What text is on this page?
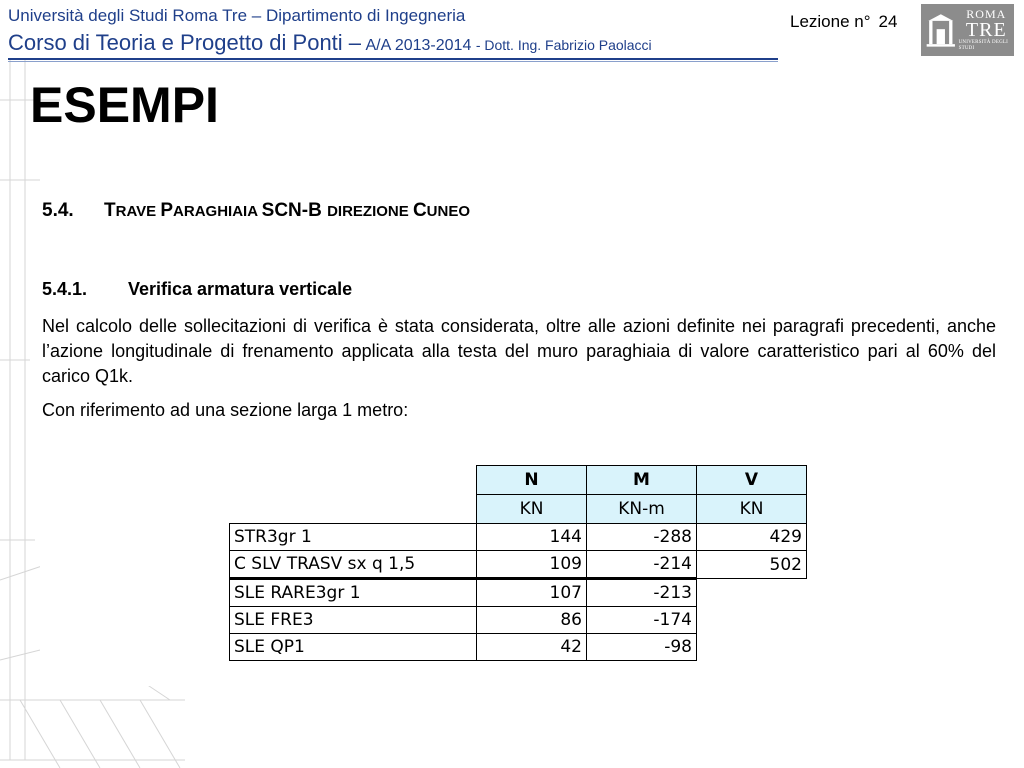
Università degli Studi Roma Tre – Dipartimento di Ingegneria
Corso di Teoria e Progetto di Ponti – A/A 2013-2014 - Dott. Ing. Fabrizio Paolacci
Lezione n° 24	ROMA
TRE
UNIVERSITÀ DEGLI STUDI
ESEMPI
5.4. TRAVE PARAGHIAIA SCN-B DIREZIONE CUNEO
5.4.1. Verifica armatura verticale
Nel calcolo delle sollecitazioni di verifica è stata considerata, oltre alle azioni definite nei paragrafi precedenti, anche l’azione longitudinale di frenamento applicata alla testa del muro paraghiaia di valore caratteristico pari al 60% del carico Q1k.
Con riferimento ad una sezione larga 1 metro:
	N	M	V
	KN	KN-m	KN
STR3gr 1	144	-288	429
C SLV TRASV sx q 1,5	109	-214	502
SLE RARE3gr 1	107	-213	
SLE FRE3	86	-174	
SLE QP1	42	-98	
